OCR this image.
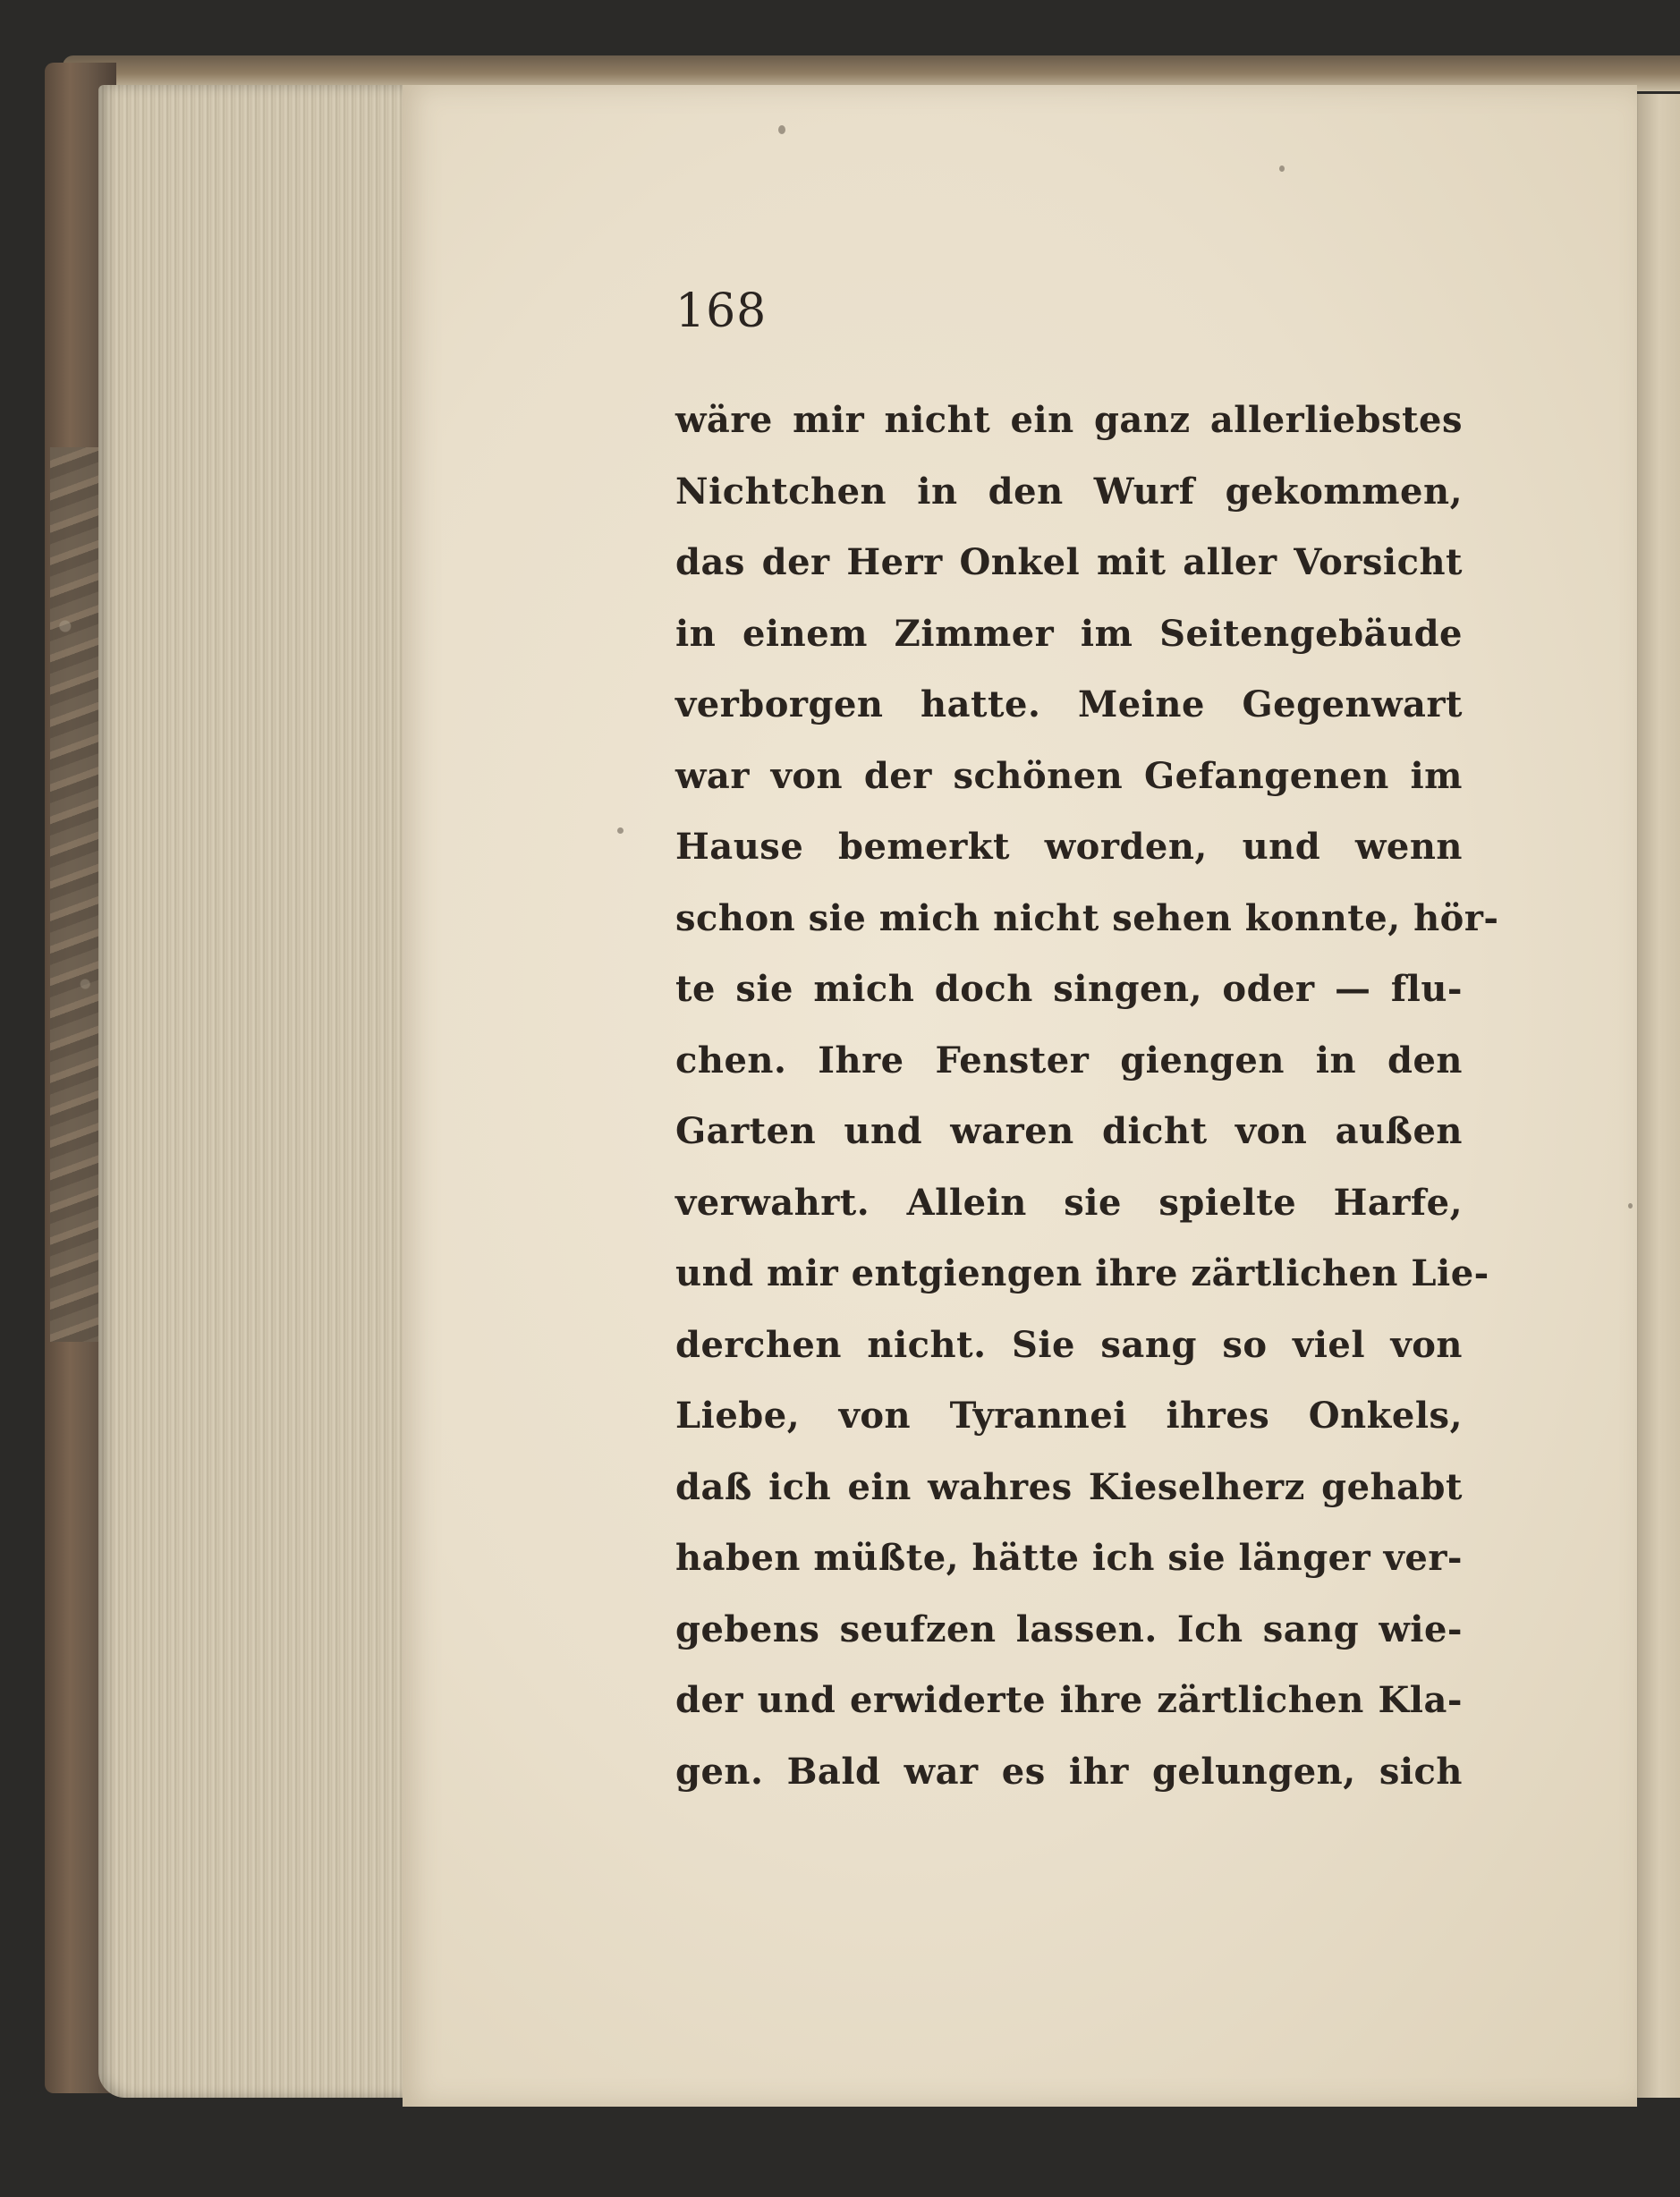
168
wäre mir nicht ein ganz allerliebstes
Nichtchen in den Wurf gekommen,
das der Herr Onkel mit aller Vorsicht
in einem Zimmer im Seitengebäude
verborgen hatte. Meine Gegenwart
war von der schönen Gefangenen im
Hause bemerkt worden, und wenn
schon sie mich nicht sehen konnte, hör-
te sie mich doch singen, oder — flu-
chen. Ihre Fenster giengen in den
Garten und waren dicht von außen
verwahrt. Allein sie spielte Harfe,
und mir entgiengen ihre zärtlichen Lie-
derchen nicht. Sie sang so viel von
Liebe, von Tyrannei ihres Onkels,
daß ich ein wahres Kieselherz gehabt
haben müßte, hätte ich sie länger ver-
gebens seufzen lassen. Ich sang wie-
der und erwiderte ihre zärtlichen Kla-
gen. Bald war es ihr gelungen, sich
